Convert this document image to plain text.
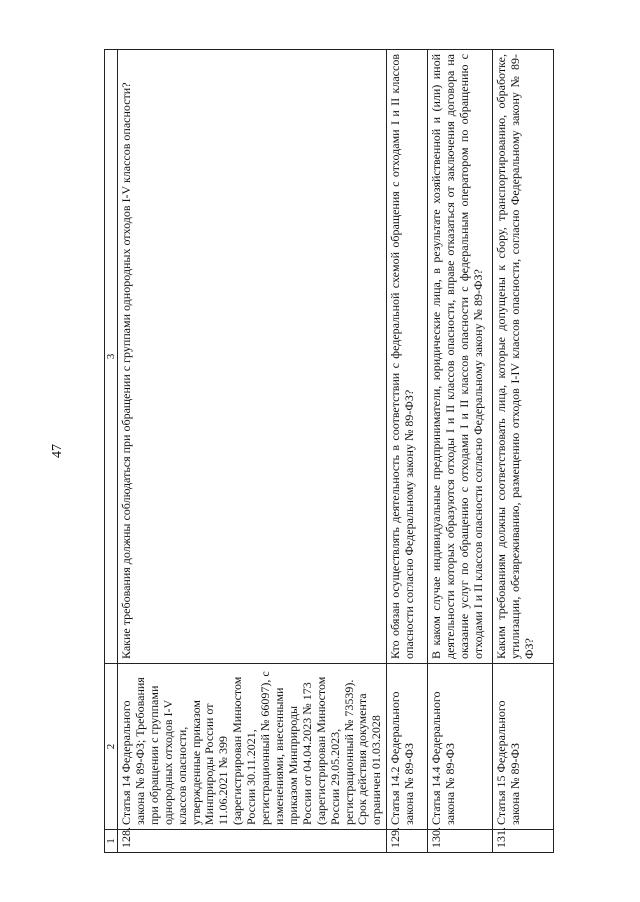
47
1	2	3
128.	Статья 14 Федерального закона № 89-ФЗ; Требования при обращении с группами однородных отходов I-V классов опасности, утвержденные приказом Минприроды России от 11.06.2021 № 399 (зарегистрирован Минюстом России 30.11.2021, регистрационный № 66097), с изменениями, внесенными приказом Минприроды России от 04.04.2023 № 173 (зарегистрирован Минюстом России 29.05.2023, регистрационный № 73539). Срок действия документа ограничен 01.03.2028	Какие требования должны соблюдаться при обращении с группами однородных отходов I-V классов опасности?
129.	Статья 14.2 Федерального закона № 89-ФЗ	Кто обязан осуществлять деятельность в соответствии с федеральной схемой обращения с отходами I и II классов опасности согласно Федеральному закону № 89-ФЗ?
130.	Статья 14.4 Федерального закона № 89-ФЗ	В каком случае индивидуальные предприниматели, юридические лица, в результате хозяйственной и (или) иной деятельности которых образуются отходы I и II классов опасности, вправе отказаться от заключения договора на оказание услуг по обращению с отходами I и II классов опасности с федеральным оператором по обращению с отходами I и II классов опасности согласно Федеральному закону № 89-ФЗ?
131.	Статья 15 Федерального закона № 89-ФЗ	Каким требованиям должны соответствовать лица, которые допущены к сбору, транспортированию, обработке, утилизации, обезвреживанию, размещению отходов I-IV классов опасности, согласно Федеральному закону № 89-ФЗ?
